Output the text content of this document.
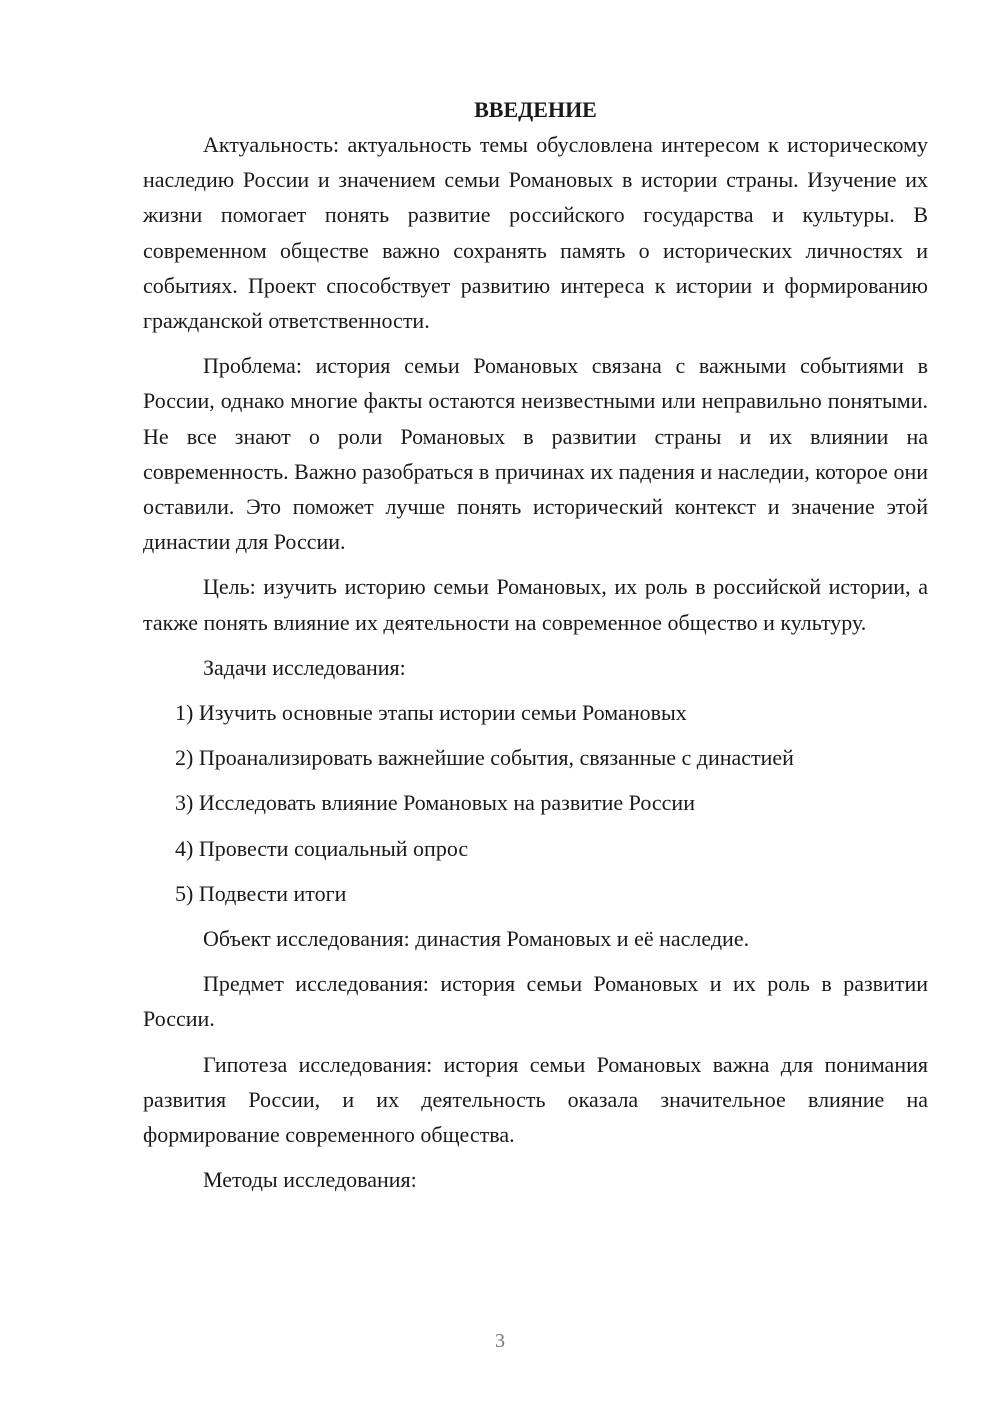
ВВЕДЕНИЕ

Актуальность: актуальность темы обусловлена интересом к историческому наследию России и значением семьи Романовых в истории страны. Изучение их жизни помогает понять развитие российского государства и культуры. В современном обществе важно сохранять память о исторических личностях и событиях. Проект способствует развитию интереса к истории и формированию гражданской ответственности.

Проблема: история семьи Романовых связана с важными событиями в России, однако многие факты остаются неизвестными или неправильно понятыми. Не все знают о роли Романовых в развитии страны и их влиянии на современность. Важно разобраться в причинах их падения и наследии, которое они оставили. Это поможет лучше понять исторический контекст и значение этой династии для России.

Цель: изучить историю семьи Романовых, их роль в российской истории, а также понять влияние их деятельности на современное общество и культуру.

Задачи исследования:

1) Изучить основные этапы истории семьи Романовых
2) Проанализировать важнейшие события, связанные с династией
3) Исследовать влияние Романовых на развитие России
4) Провести социальный опрос
5) Подвести итоги

Объект исследования: династия Романовых и её наследие.

Предмет исследования: история семьи Романовых и их роль в развитии России.

Гипотеза исследования: история семьи Романовых важна для понимания развития России, и их деятельность оказала значительное влияние на формирование современного общества.

Методы исследования:

3
